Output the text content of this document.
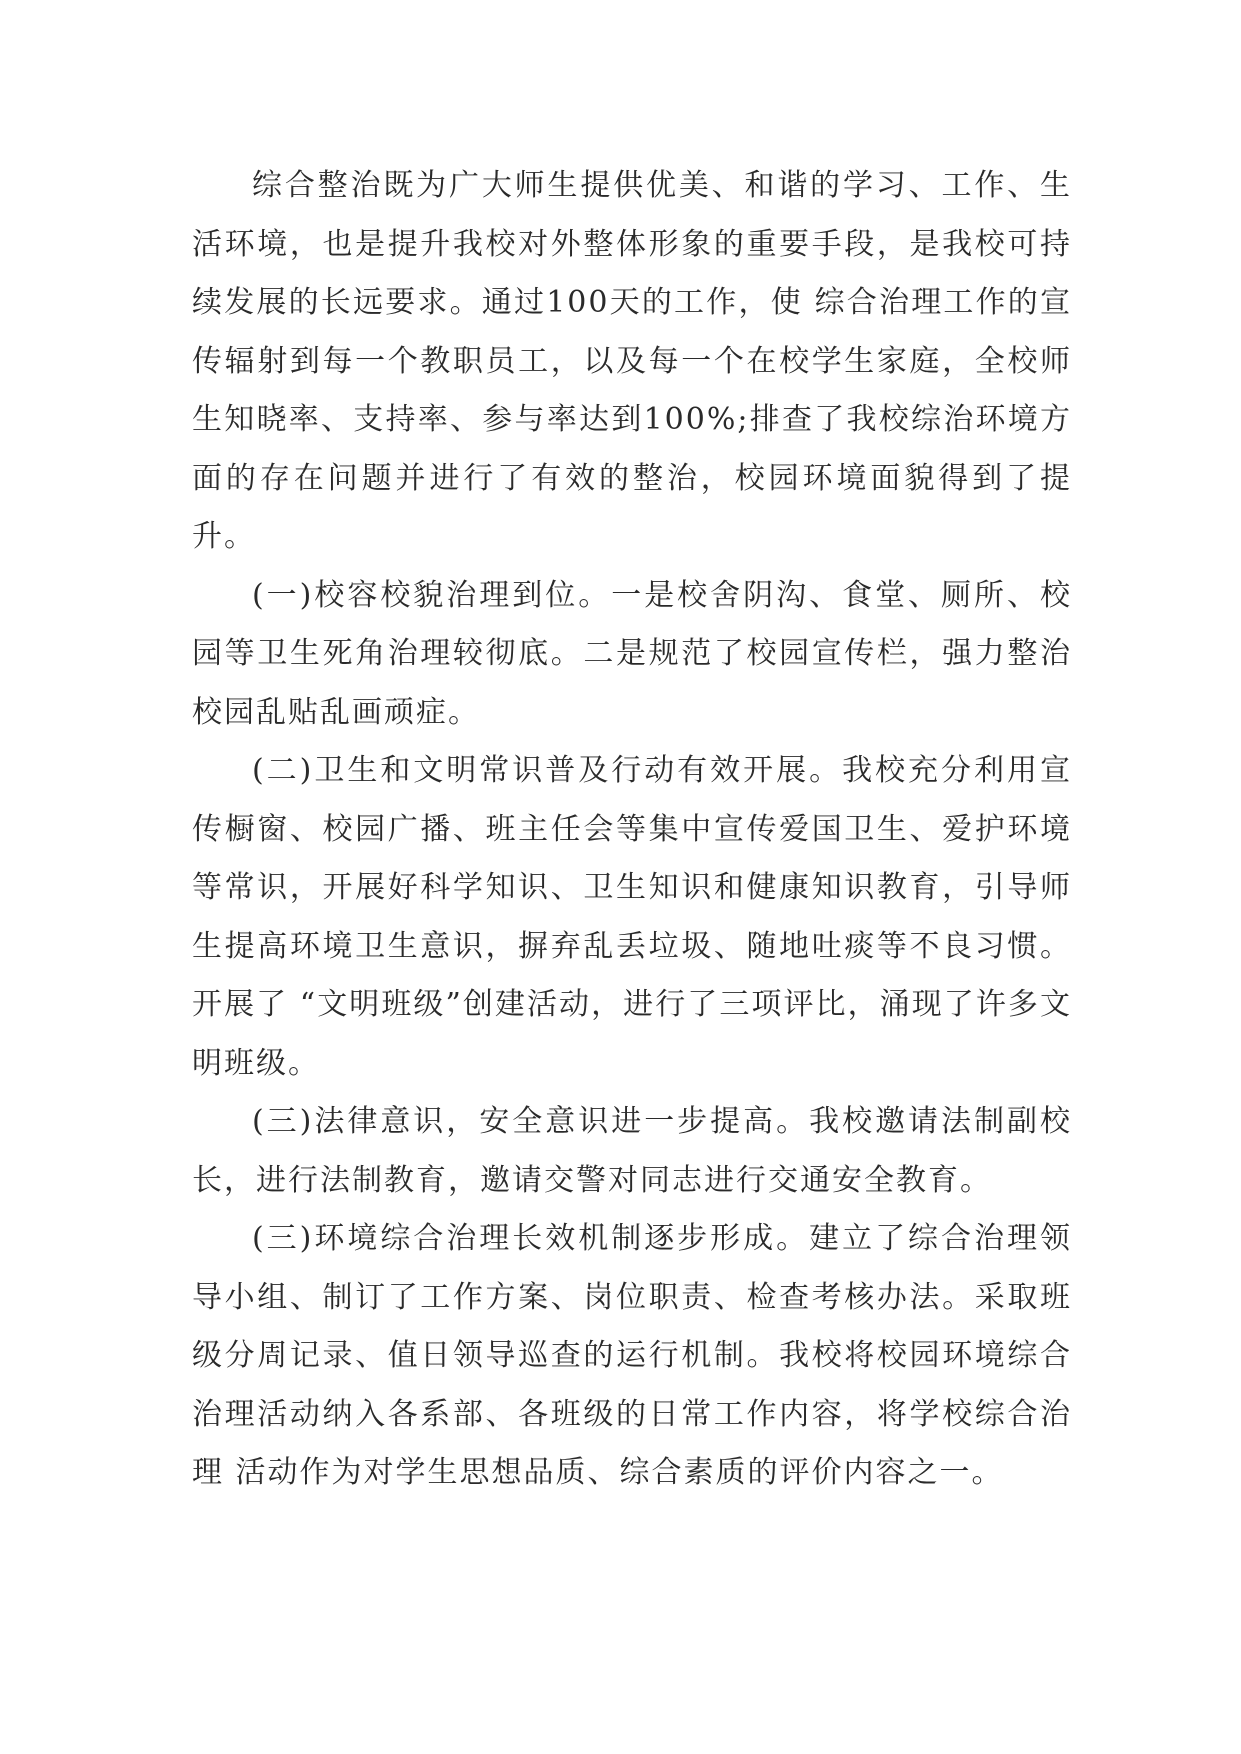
综合整治既为广大师生提供优美、和谐的学习、工作、生活环境，也是提升我校对外整体形象的重要手段，是我校可持续发展的长远要求。通过100天的工作，使 综合治理工作的宣传辐射到每一个教职员工，以及每一个在校学生家庭，全校师生知晓率、支持率、参与率达到100%;排查了我校综治环境方面的存在问题并进行了有效的整治，校园环境面貌得到了提升。

(一)校容校貌治理到位。一是校舍阴沟、食堂、厕所、校园等卫生死角治理较彻底。二是规范了校园宣传栏，强力整治校园乱贴乱画顽症。

(二)卫生和文明常识普及行动有效开展。我校充分利用宣传橱窗、校园广播、班主任会等集中宣传爱国卫生、爱护环境等常识，开展好科学知识、卫生知识和健康知识教育，引导师生提高环境卫生意识，摒弃乱丢垃圾、随地吐痰等不良习惯。开展了 “文明班级”创建活动，进行了三项评比，涌现了许多文明班级。

(三)法律意识，安全意识进一步提高。我校邀请法制副校长，进行法制教育，邀请交警对同志进行交通安全教育。

(三)环境综合治理长效机制逐步形成。建立了综合治理领导小组、制订了工作方案、岗位职责、检查考核办法。采取班级分周记录、值日领导巡查的运行机制。我校将校园环境综合治理活动纳入各系部、各班级的日常工作内容，将学校综合治理 活动作为对学生思想品质、综合素质的评价内容之一。
